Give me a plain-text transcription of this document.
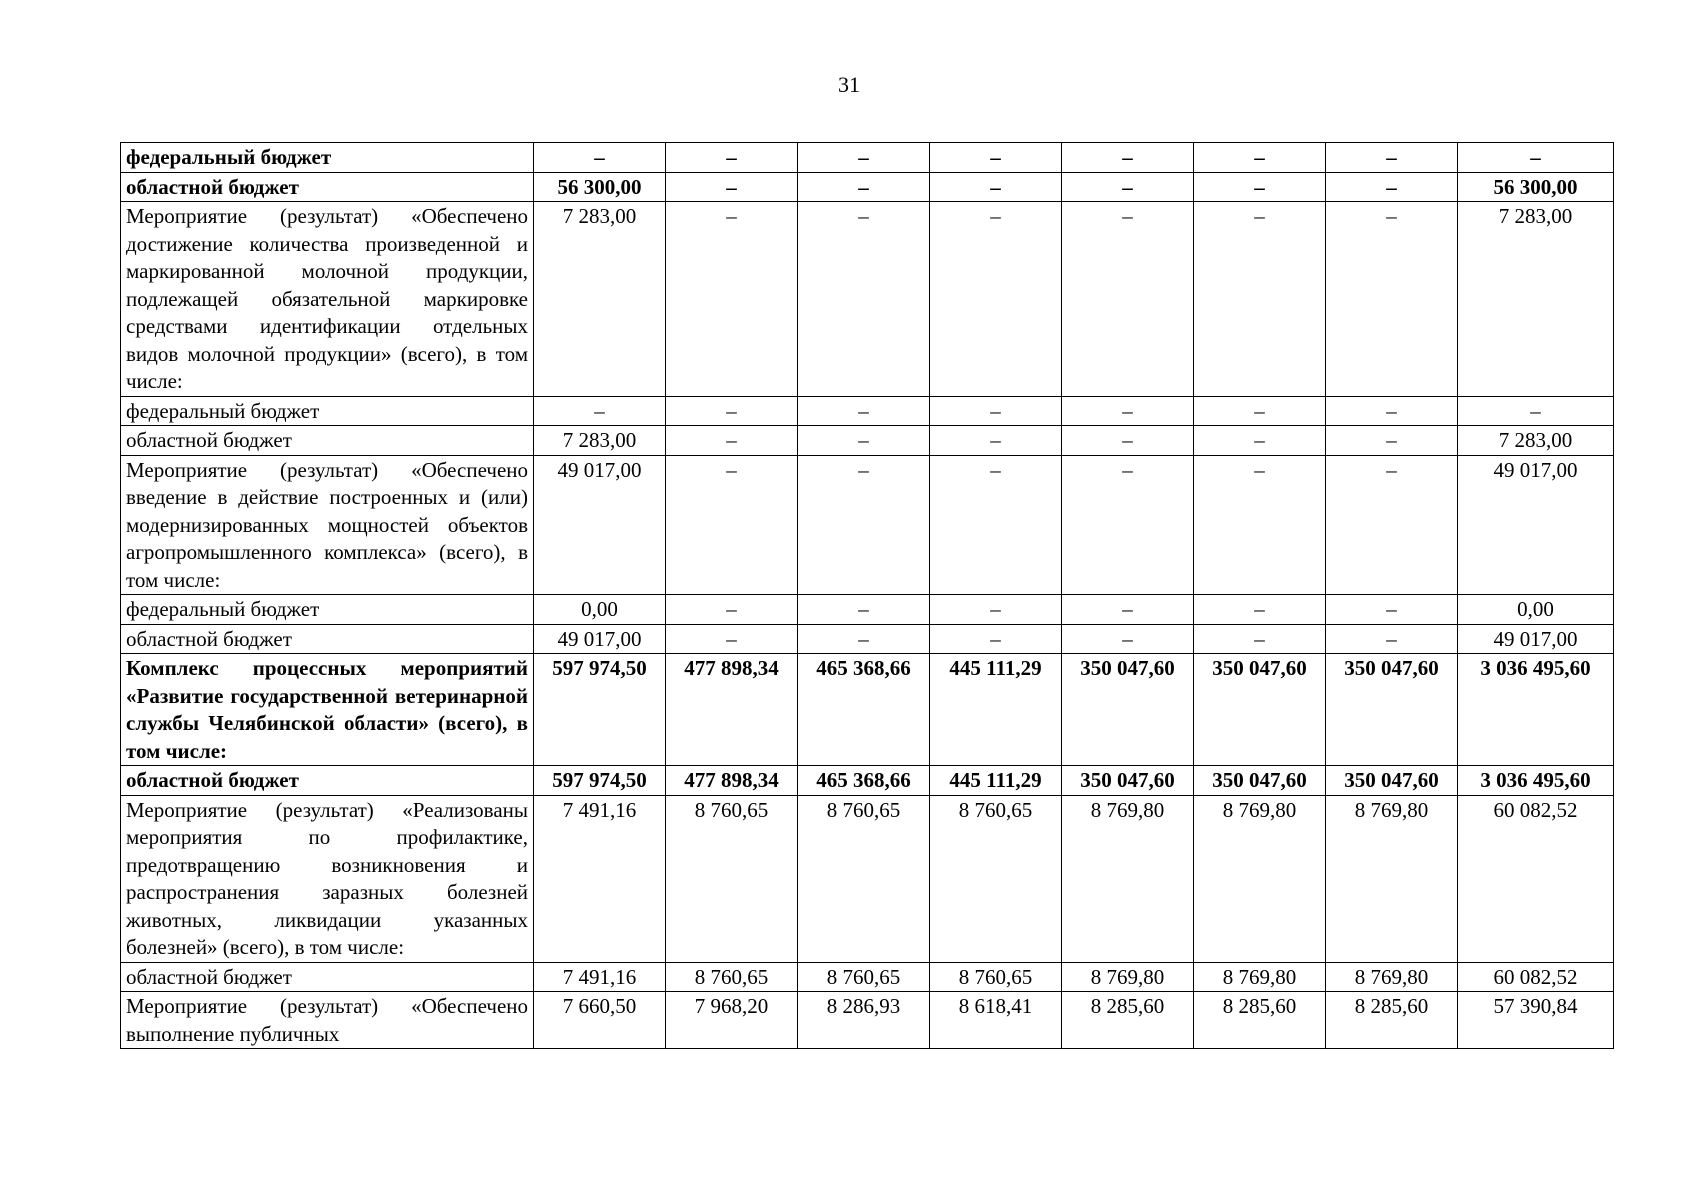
31
федеральный бюджет	–	–	–	–	–	–	–	–
областной бюджет	56 300,00	–	–	–	–	–	–	56 300,00
Мероприятие (результат) «Обеспечено достижение количества произведенной и маркированной молочной продукции, подлежащей обязательной маркировке средствами идентификации отдельных видов молочной продукции» (всего), в том числе:	7 283,00	–	–	–	–	–	–	7 283,00
федеральный бюджет	–	–	–	–	–	–	–	–
областной бюджет	7 283,00	–	–	–	–	–	–	7 283,00
Мероприятие (результат) «Обеспечено введение в действие построенных и (или) модернизированных мощностей объектов агропромышленного комплекса» (всего), в том числе:	49 017,00	–	–	–	–	–	–	49 017,00
федеральный бюджет	0,00	–	–	–	–	–	–	0,00
областной бюджет	49 017,00	–	–	–	–	–	–	49 017,00
Комплекс процессных мероприятий «Развитие государственной ветеринарной службы Челябинской области» (всего), в том числе:	597 974,50	477 898,34	465 368,66	445 111,29	350 047,60	350 047,60	350 047,60	3 036 495,60
областной бюджет	597 974,50	477 898,34	465 368,66	445 111,29	350 047,60	350 047,60	350 047,60	3 036 495,60
Мероприятие (результат) «Реализованы мероприятия по профилактике, предотвращению возникновения и распространения заразных болезней животных, ликвидации указанных болезней» (всего), в том числе:	7 491,16	8 760,65	8 760,65	8 760,65	8 769,80	8 769,80	8 769,80	60 082,52
областной бюджет	7 491,16	8 760,65	8 760,65	8 760,65	8 769,80	8 769,80	8 769,80	60 082,52
Мероприятие (результат) «Обеспечено выполнение публичных	7 660,50	7 968,20	8 286,93	8 618,41	8 285,60	8 285,60	8 285,60	57 390,84
